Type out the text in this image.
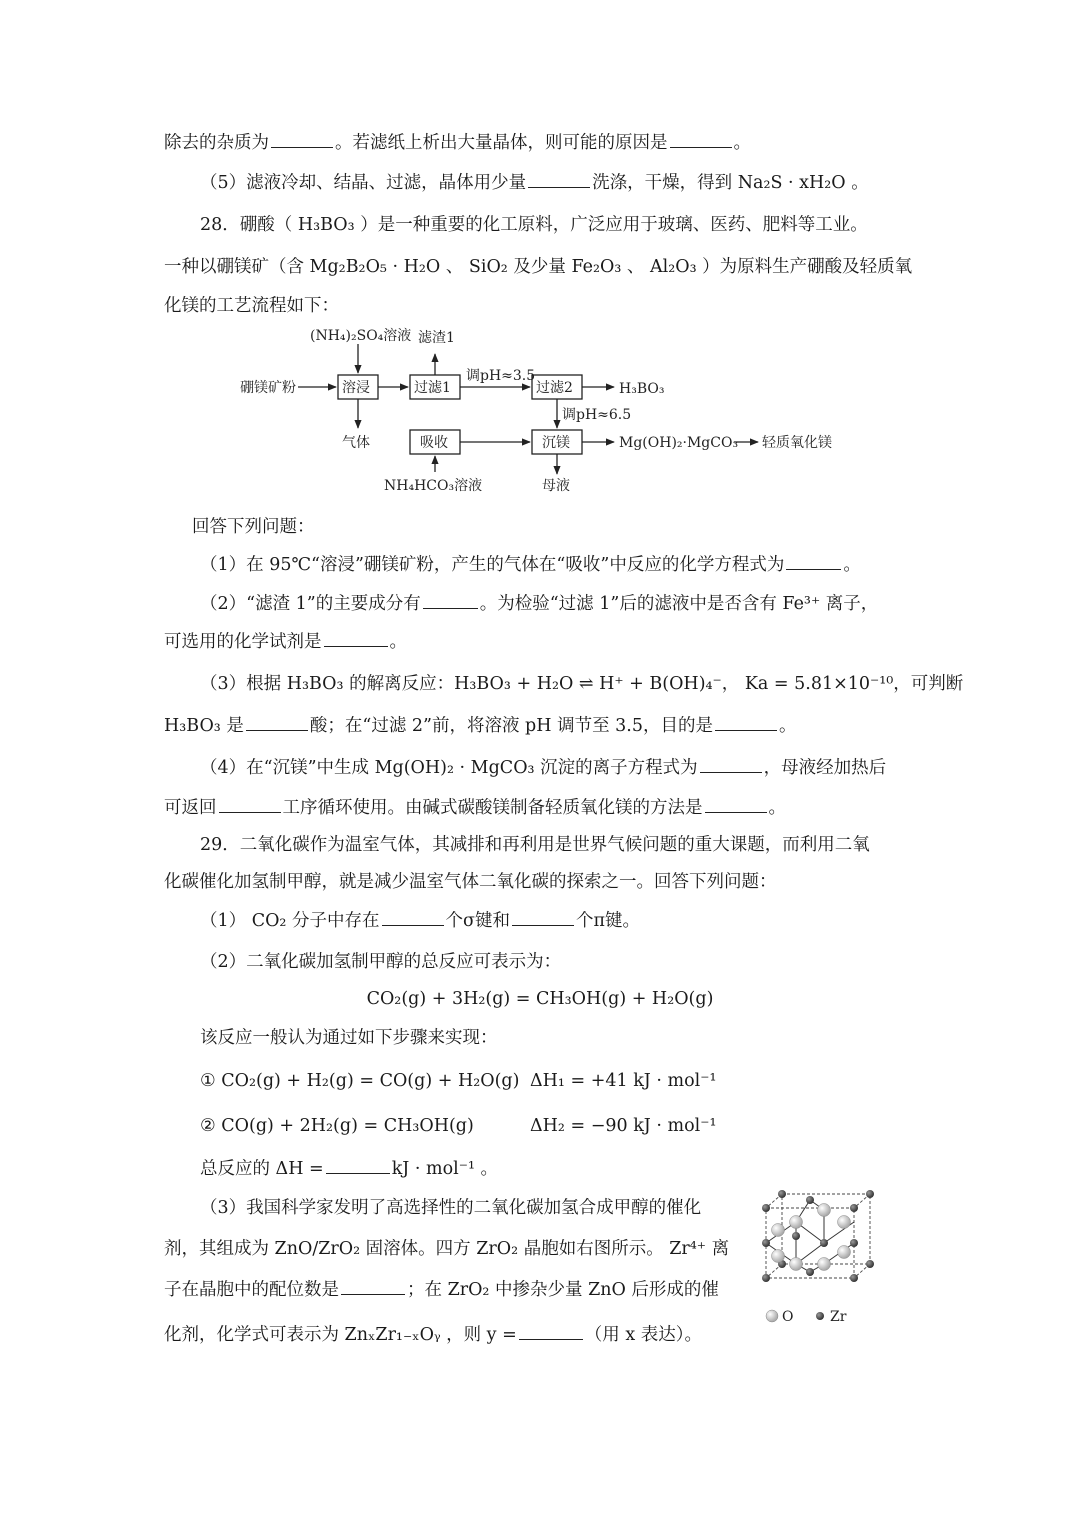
除去的杂质为	。若滤纸上析出大量晶体，则可能的原因是	。
（5）滤液冷却、结晶、过滤，晶体用少量	洗涤，干燥，得到 Na₂S · xH₂O 。
28．硼酸（ H₃BO₃ ）是一种重要的化工原料，广泛应用于玻璃、医药、肥料等工业。
一种以硼镁矿（含 Mg₂B₂O₅ · H₂O 、 SiO₂ 及少量 Fe₂O₃ 、 Al₂O₃ ）为原料生产硼酸及轻质氧
化镁的工艺流程如下：
(NH₄)₂SO₄溶液 滤渣1
硼镁矿粉	溶浸	过滤1
调pH≈3.5
过滤2	H₃BO₃
调pH≈6.5
气体	吸收	沉镁	Mg(OH)₂·MgCO₃ 轻质氧化镁
NH₄HCO₃溶液	母液
回答下列问题：
（1）在 95℃“溶浸”硼镁矿粉，产生的气体在“吸收”中反应的化学方程式为	。
（2）“滤渣 1”的主要成分有	。为检验“过滤 1”后的滤液中是否含有 Fe³⁺ 离子，
可选用的化学试剂是	。
（3）根据 H₃BO₃ 的解离反应：H₃BO₃ + H₂O ⇌ H⁺ + B(OH)₄⁻， Ka = 5.81×10⁻¹⁰，可判断
H₃BO₃ 是	酸；在“过滤 2”前，将溶液 pH 调节至 3.5，目的是	。
（4）在“沉镁”中生成 Mg(OH)₂ · MgCO₃ 沉淀的离子方程式为	，母液经加热后
可返回	工序循环使用。由碱式碳酸镁制备轻质氧化镁的方法是	。
29．二氧化碳作为温室气体，其减排和再利用是世界气候问题的重大课题，而利用二氧
化碳催化加氢制甲醇，就是减少温室气体二氧化碳的探索之一。回答下列问题：
（1） CO₂ 分子中存在	个σ键和	个π键。
（2）二氧化碳加氢制甲醇的总反应可表示为：
CO₂(g) + 3H₂(g) = CH₃OH(g) + H₂O(g)
该反应一般认为通过如下步骤来实现：
① CO₂(g) + H₂(g) = CO(g) + H₂O(g) ΔH₁ = +41 kJ · mol⁻¹
② CO(g) + 2H₂(g) = CH₃OH(g)	ΔH₂ = −90 kJ · mol⁻¹
总反应的 ΔH =	kJ · mol⁻¹ 。
（3）我国科学家发明了高选择性的二氧化碳加氢合成甲醇的催化
剂，其组成为 ZnO/ZrO₂ 固溶体。四方 ZrO₂ 晶胞如右图所示。 Zr⁴⁺ 离
子在晶胞中的配位数是	；在 ZrO₂ 中掺杂少量 ZnO 后形成的催
化剂，化学式可表示为 ZnₓZr₁₋ₓOᵧ ，则 y =	（用 x 表达）。
O	Zr
